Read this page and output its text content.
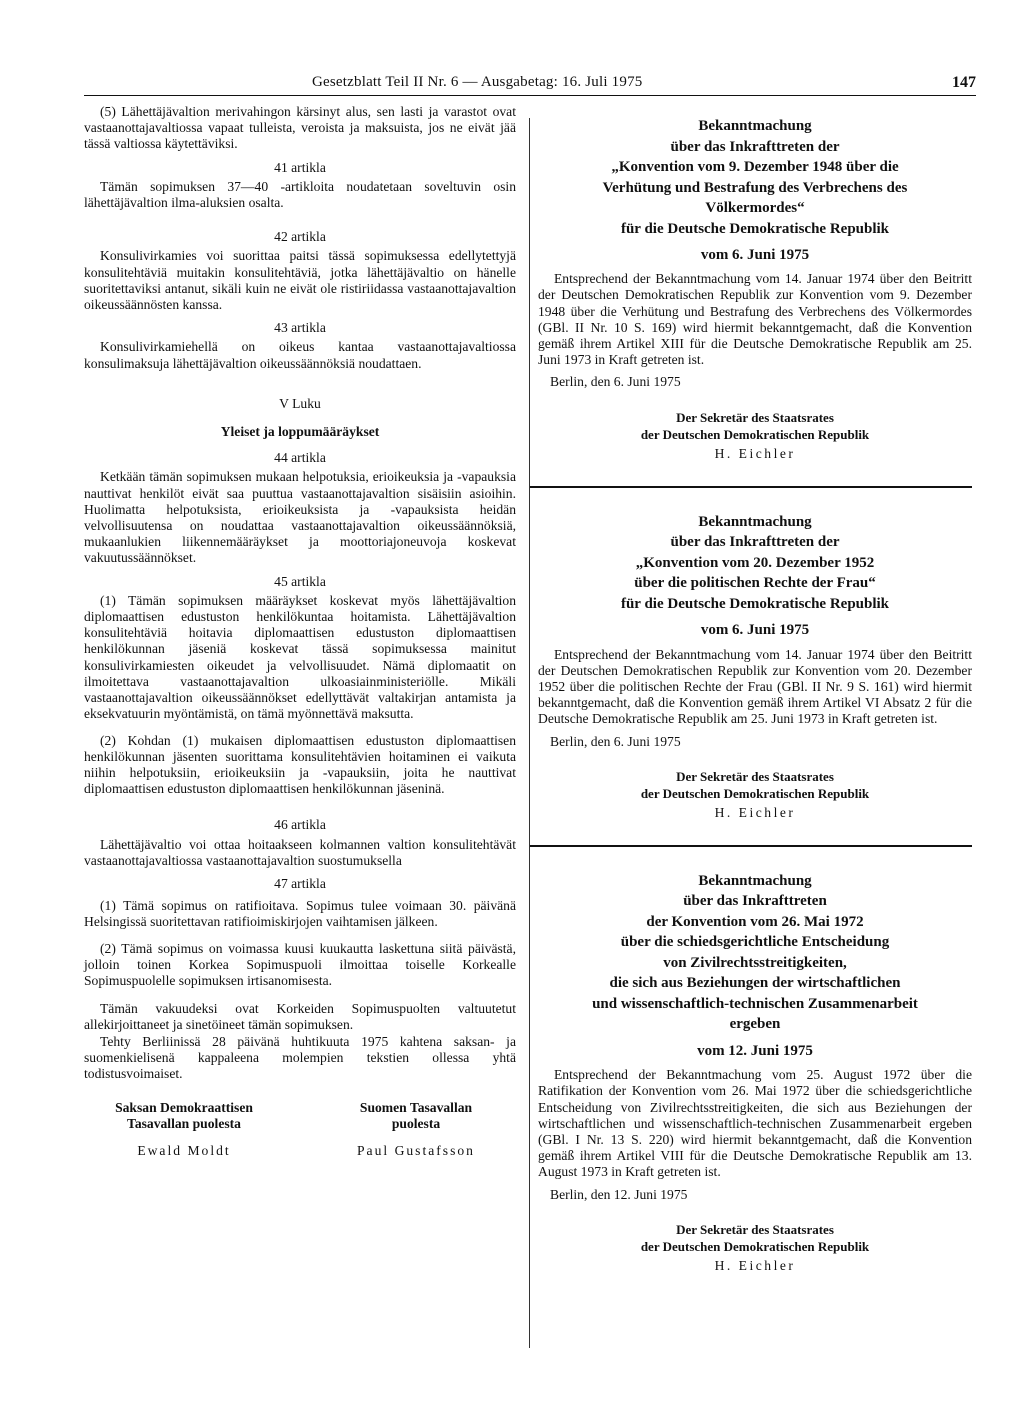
Gesetzblatt Teil II Nr. 6 — Ausgabetag: 16. Juli 1975	147

(5) Lähettäjävaltion merivahingon kärsinyt alus, sen lasti ja varastot ovat vastaanottajavaltiossa vapaat tulleista, veroista ja maksuista, jos ne eivät jää tässä valtiossa käytettäviksi.

41 artikla

Tämän sopimuksen 37—40 -artikloita noudatetaan soveltuvin osin lähettäjävaltion ilma-aluksien osalta.

42 artikla

Konsulivirkamies voi suorittaa paitsi tässä sopimuksessa edellytettyjä konsulitehtäviä muitakin konsulitehtäviä, jotka lähettäjävaltio on hänelle suoritettaviksi antanut, sikäli kuin ne eivät ole ristiriidassa vastaanottajavaltion oikeussäännösten kanssa.

43 artikla

Konsulivirkamiehellä on oikeus kantaa vastaanottajavaltiossa konsulimaksuja lähettäjävaltion oikeussäännöksiä noudattaen.

V Luku

Yleiset ja loppumääräykset

44 artikla

Ketkään tämän sopimuksen mukaan helpotuksia, erioikeuksia ja -vapauksia nauttivat henkilöt eivät saa puuttua vastaanottajavaltion sisäisiin asioihin. Huolimatta helpotuksista, erioikeuksista ja -vapauksista heidän velvollisuutensa on noudattaa vastaanottajavaltion oikeussäännöksiä, mukaanlukien liikennemääräykset ja moottoriajoneuvoja koskevat vakuutussäännökset.

45 artikla

(1) Tämän sopimuksen määräykset koskevat myös lähettäjävaltion diplomaattisen edustuston henkilökuntaa hoitamista. Lähettäjävaltion konsulitehtäviä hoitavia diplomaattisen edustuston diplomaattisen henkilökunnan jäseniä koskevat tässä sopimuksessa mainitut konsulivirkamiesten oikeudet ja velvollisuudet. Nämä diplomaatit on ilmoitettava vastaanottajavaltion ulkoasiainministeriölle. Mikäli vastaanottajavaltion oikeussäännökset edellyttävät valtakirjan antamista ja eksekvatuurin myöntämistä, on tämä myönnettävä maksutta.

(2) Kohdan (1) mukaisen diplomaattisen edustuston diplomaattisen henkilökunnan jäsenten suorittama konsulitehtävien hoitaminen ei vaikuta niihin helpotuksiin, erioikeuksiin ja -vapauksiin, joita he nauttivat diplomaattisen edustuston diplomaattisen henkilökunnan jäseninä.

46 artikla

Lähettäjävaltio voi ottaa hoitaakseen kolmannen valtion konsulitehtävät vastaanottajavaltiossa vastaanottajavaltion suostumuksella

47 artikla

(1) Tämä sopimus on ratifioitava. Sopimus tulee voimaan 30. päivänä Helsingissä suoritettavan ratifioimiskirjojen vaihtamisen jälkeen.

(2) Tämä sopimus on voimassa kuusi kuukautta laskettuna siitä päivästä, jolloin toinen Korkea Sopimuspuoli ilmoittaa toiselle Korkealle Sopimuspuolelle sopimuksen irtisanomisesta.

Tämän vakuudeksi ovat Korkeiden Sopimuspuolten valtuutetut allekirjoittaneet ja sinetöineet tämän sopimuksen.

Tehty Berliinissä 28 päivänä huhtikuuta 1975 kahtena saksan- ja suomenkielisenä kappaleena molempien tekstien ollessa yhtä todistusvoimaiset.

Saksan Demokraattisen
Tasavallan puolesta
Ewald Moldt
Suomen Tasavallan
puolesta
Paul Gustafsson

Bekanntmachung

über das Inkrafttreten der

„Konvention vom 9. Dezember 1948 über die

Verhütung und Bestrafung des Verbrechens des

Völkermordes“

für die Deutsche Demokratische Republik

vom 6. Juni 1975

Entsprechend der Bekanntmachung vom 14. Januar 1974 über den Beitritt der Deutschen Demokratischen Republik zur Konvention vom 9. Dezember 1948 über die Verhütung und Bestrafung des Verbrechens des Völkermordes (GBl. II Nr. 10 S. 169) wird hiermit bekanntgemacht, daß die Konvention gemäß ihrem Artikel XIII für die Deutsche Demokratische Republik am 25. Juni 1973 in Kraft getreten ist.

Berlin, den 6. Juni 1975

Der Sekretär des Staatsrates
der Deutschen Demokratischen Republik
H. Eichler

Bekanntmachung

über das Inkrafttreten der

„Konvention vom 20. Dezember 1952

über die politischen Rechte der Frau“

für die Deutsche Demokratische Republik

vom 6. Juni 1975

Entsprechend der Bekanntmachung vom 14. Januar 1974 über den Beitritt der Deutschen Demokratischen Republik zur Konvention vom 20. Dezember 1952 über die politischen Rechte der Frau (GBl. II Nr. 9 S. 161) wird hiermit bekanntgemacht, daß die Konvention gemäß ihrem Artikel VI Absatz 2 für die Deutsche Demokratische Republik am 25. Juni 1973 in Kraft getreten ist.

Berlin, den 6. Juni 1975

Der Sekretär des Staatsrates
der Deutschen Demokratischen Republik
H. Eichler

Bekanntmachung

über das Inkrafttreten

der Konvention vom 26. Mai 1972

über die schiedsgerichtliche Entscheidung

von Zivilrechtsstreitigkeiten,

die sich aus Beziehungen der wirtschaftlichen

und wissenschaftlich-technischen Zusammenarbeit

ergeben

vom 12. Juni 1975

Entsprechend der Bekanntmachung vom 25. August 1972 über die Ratifikation der Konvention vom 26. Mai 1972 über die schiedsgerichtliche Entscheidung von Zivilrechtsstreitigkeiten, die sich aus Beziehungen der wirtschaftlichen und wissenschaftlich-technischen Zusammenarbeit ergeben (GBl. I Nr. 13 S. 220) wird hiermit bekanntgemacht, daß die Konvention gemäß ihrem Artikel VIII für die Deutsche Demokratische Republik am 13. August 1973 in Kraft getreten ist.

Berlin, den 12. Juni 1975

Der Sekretär des Staatsrates
der Deutschen Demokratischen Republik
H. Eichler
